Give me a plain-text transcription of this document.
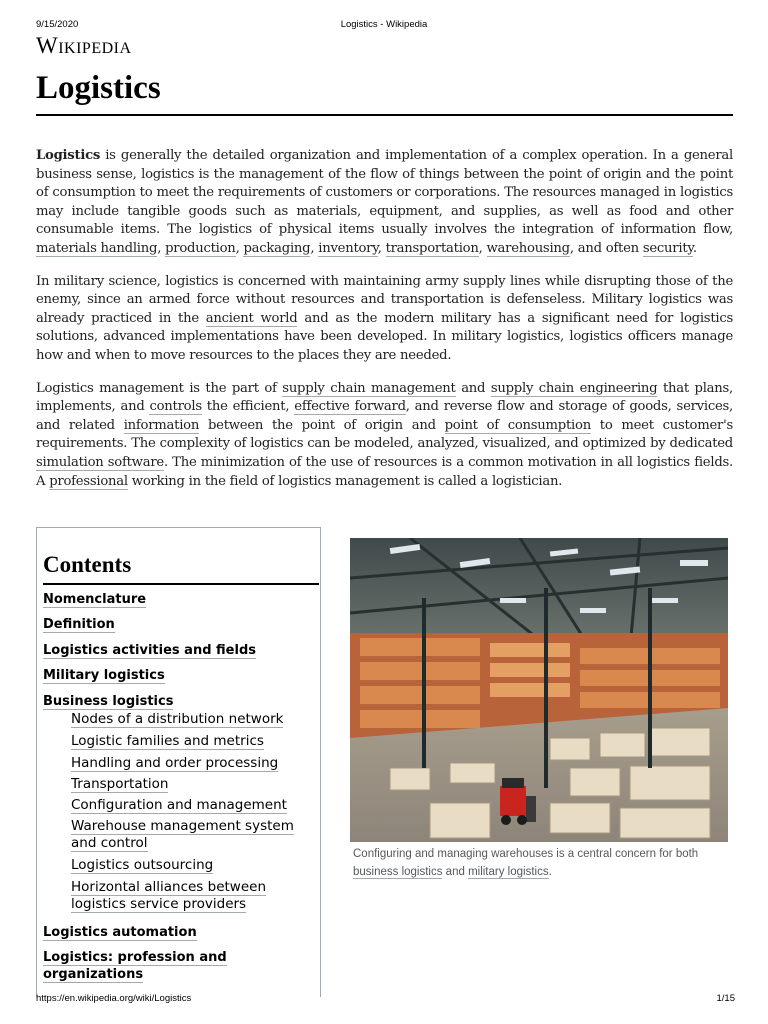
9/15/2020	Logistics - Wikipedia
Wikipedia
Logistics

Logistics is generally the detailed organization and implementation of a complex operation. In a general business sense, logistics is the management of the flow of things between the point of origin and the point of consumption to meet the requirements of customers or corporations. The resources managed in logistics may include tangible goods such as materials, equipment, and supplies, as well as food and other consumable items. The logistics of physical items usually involves the integration of information flow, materials handling, production, packaging, inventory, transportation, warehousing, and often security.

In military science, logistics is concerned with maintaining army supply lines while disrupting those of the enemy, since an armed force without resources and transportation is defenseless. Military logistics was already practiced in the ancient world and as the modern military has a significant need for logistics solutions, advanced implementations have been developed. In military logistics, logistics officers manage how and when to move resources to the places they are needed.

Logistics management is the part of supply chain management and supply chain engineering that plans, implements, and controls the efficient, effective forward, and reverse flow and storage of goods, services, and related information between the point of origin and point of consumption to meet customer's requirements. The complexity of logistics can be modeled, analyzed, visualized, and optimized by dedicated simulation software. The minimization of the use of resources is a common motivation in all logistics fields. A professional working in the field of logistics management is called a logistician.

Contents
Nomenclature
Definition
Logistics activities and fields
Military logistics
Business logistics
Nodes of a distribution network
Logistic families and metrics
Handling and order processing
Transportation
Configuration and management
Warehouse management system and control
Logistics outsourcing
Horizontal alliances between logistics service providers
Logistics automation
Logistics: profession and organizations
Configuring and managing warehouses is a central concern for both business logistics and military logistics.
https://en.wikipedia.org/wiki/Logistics	1/15
